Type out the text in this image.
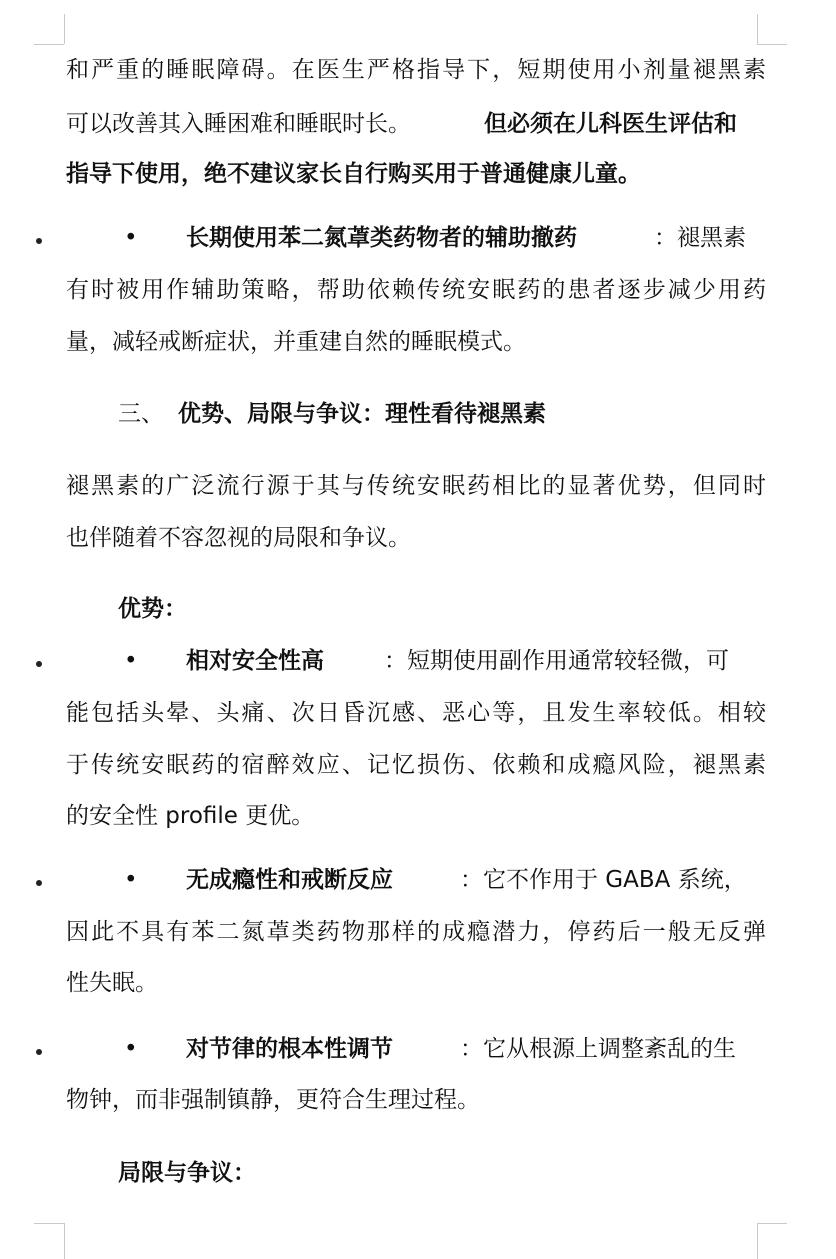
和严重的睡眠障碍。在医生严格指导下，短期使用小剂量褪黑素
可以改善其入睡困难和睡眠时长。	但必须在儿科医生评估和
指导下使用，绝不建议家长自行购买用于普通健康儿童。
• 长期使用苯二氮䓬类药物者的辅助撤药	：褪黑素
有时被用作辅助策略，帮助依赖传统安眠药的患者逐步减少用药
量，减轻戒断症状，并重建自然的睡眠模式。
三、 优势、局限与争议：理性看待褪黑素
褪黑素的广泛流行源于其与传统安眠药相比的显著优势，但同时
也伴随着不容忽视的局限和争议。
优势：
• 相对安全性高	：短期使用副作用通常较轻微，可
能包括头晕、头痛、次日昏沉感、恶心等，且发生率较低。相较
于传统安眠药的宿醉效应、记忆损伤、依赖和成瘾风险，褪黑素
的安全性 profile 更优。
• 无成瘾性和戒断反应	：它不作用于 GABA 系统，
因此不具有苯二氮䓬类药物那样的成瘾潜力，停药后一般无反弹
性失眠。
• 对节律的根本性调节	：它从根源上调整紊乱的生
物钟，而非强制镇静，更符合生理过程。
局限与争议：
